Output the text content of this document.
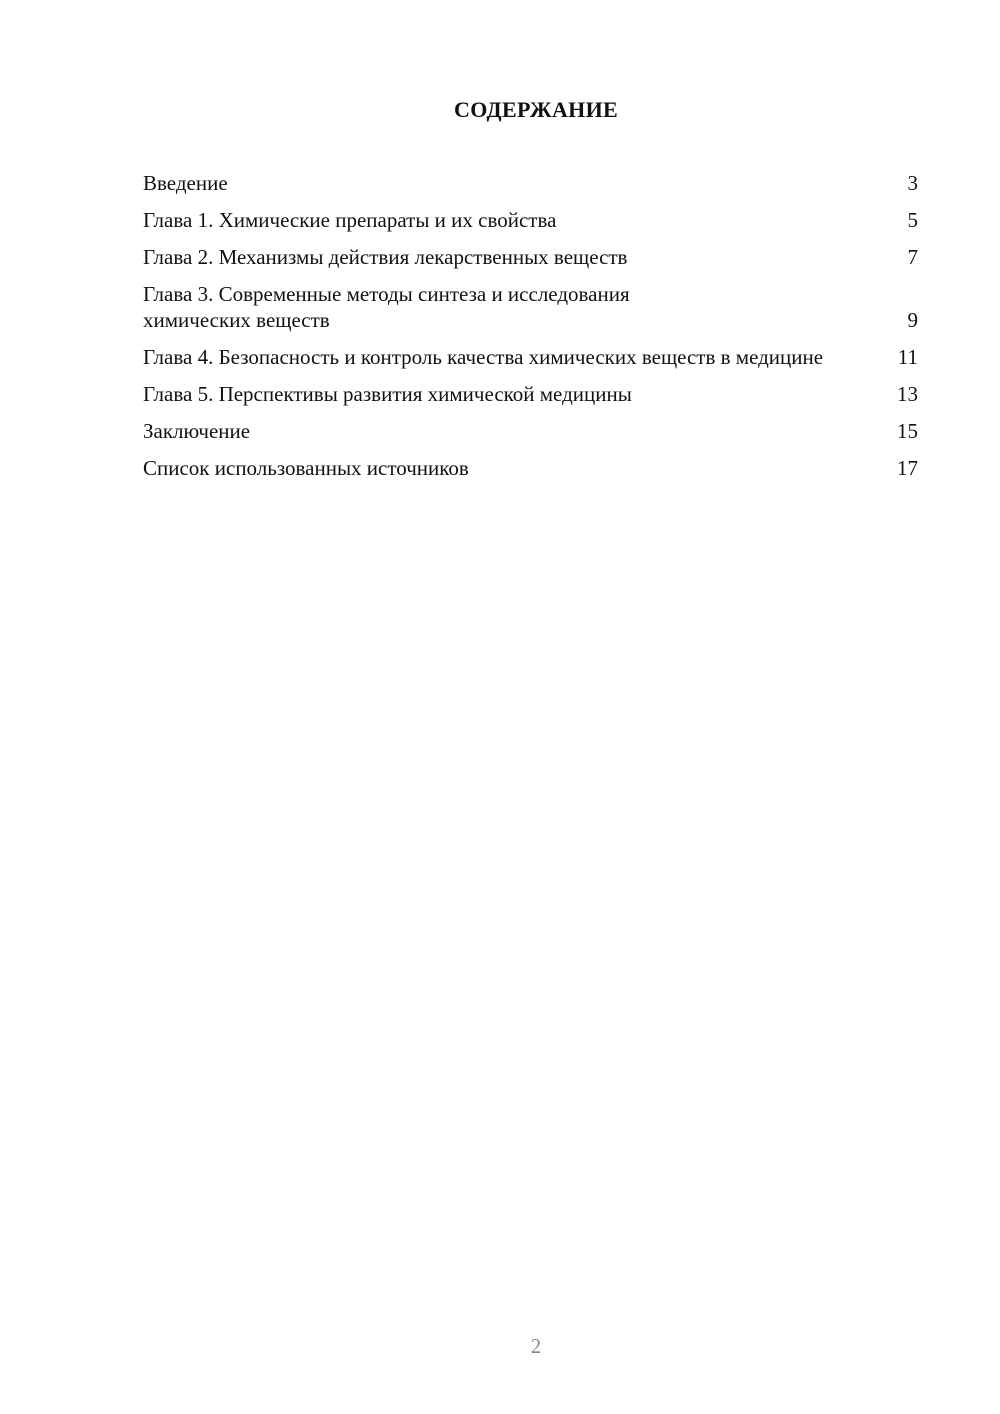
СОДЕРЖАНИЕ
Введение	3
Глава 1. Химические препараты и их свойства	5
Глава 2. Механизмы действия лекарственных веществ	7
Глава 3. Современные методы синтеза и исследования химических веществ	9
Глава 4. Безопасность и контроль качества химических веществ в медицине	11
Глава 5. Перспективы развития химической медицины	13
Заключение	15
Список использованных источников	17
2
